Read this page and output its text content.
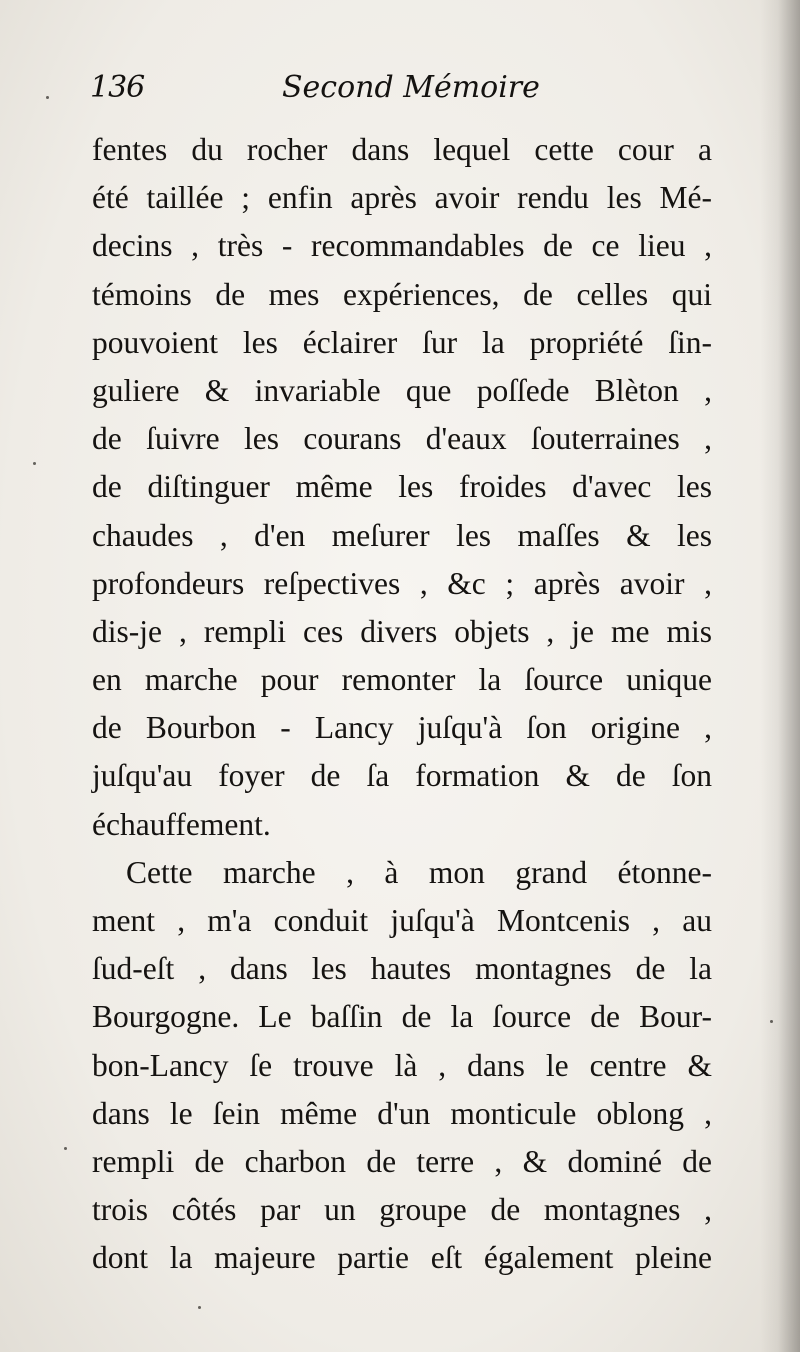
136	Second Mémoire
fentes du rocher dans lequel cette cour a
été taillée ; enfin après avoir rendu les Mé-
decins , très - recommandables de ce lieu ,
témoins de mes expériences, de celles qui
pouvoient les éclairer ſur la propriété ſin-
guliere & invariable que poſſede Blèton ,
de ſuivre les courans d'eaux ſouterraines ,
de diſtinguer même les froides d'avec les
chaudes , d'en meſurer les maſſes & les
profondeurs reſpectives , &c ; après avoir ,
dis-je , rempli ces divers objets , je me mis
en marche pour remonter la ſource unique
de Bourbon - Lancy juſqu'à ſon origine ,
juſqu'au foyer de ſa formation & de ſon
échauffement.
Cette marche , à mon grand étonne-
ment , m'a conduit juſqu'à Montcenis , au
ſud-eſt , dans les hautes montagnes de la
Bourgogne. Le baſſin de la ſource de Bour-
bon-Lancy ſe trouve là , dans le centre &
dans le ſein même d'un monticule oblong ,
rempli de charbon de terre , & dominé de
trois côtés par un groupe de montagnes ,
dont la majeure partie eſt également pleine
